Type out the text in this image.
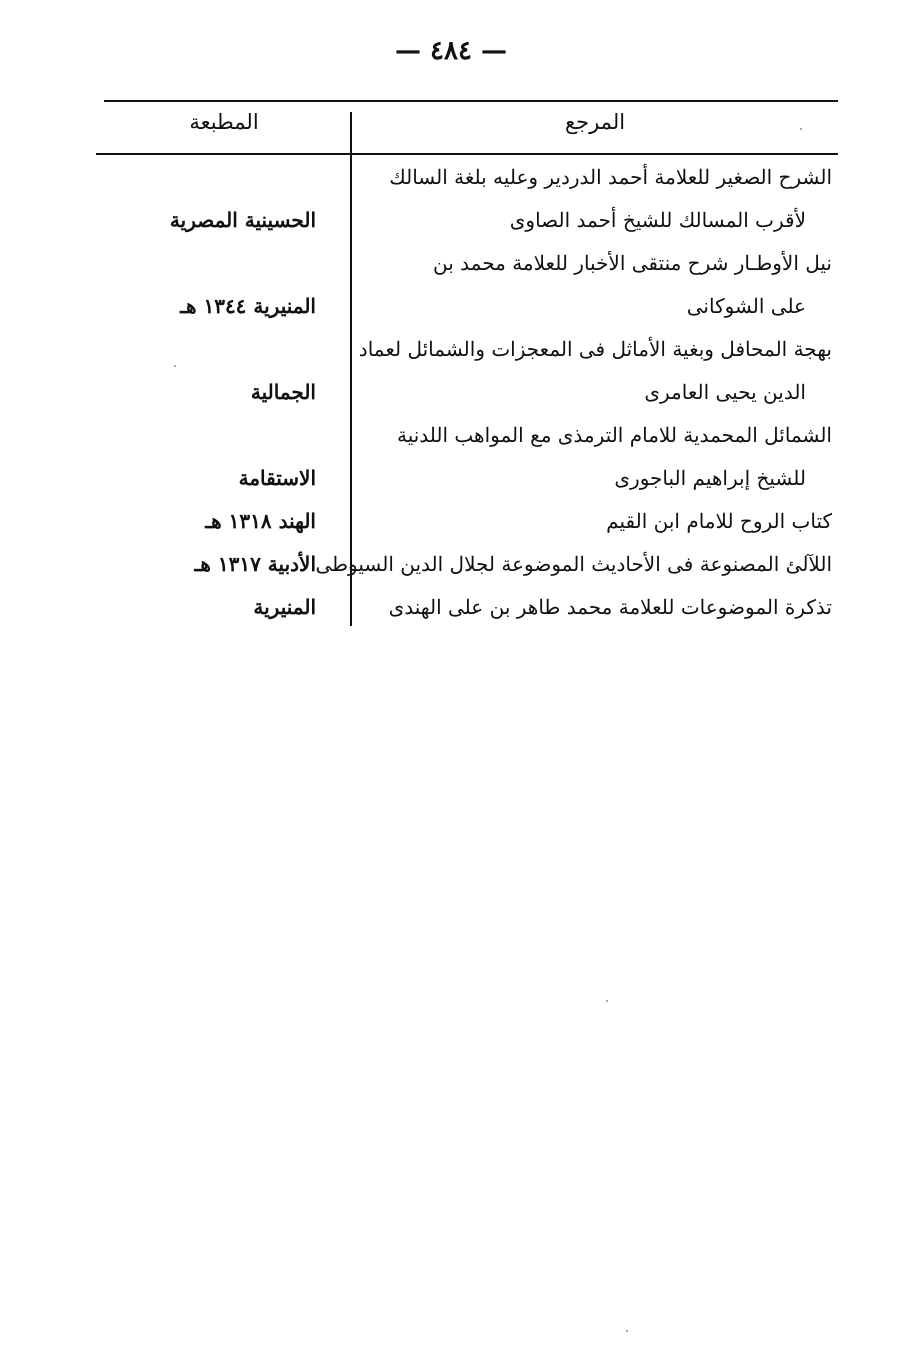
— ٤٨٤ —
المرجع
المطبعة
الشرح الصغير للعلامة أحمد الدردير وعليه بلغة السالك
لأقرب المسالك للشيخ أحمد الصاوى
الحسينية المصرية
نيل الأوطـار شرح منتقى الأخبار للعلامة محمد بن
على الشوكانى
المنيرية ١٣٤٤ هـ
بهجة المحافل وبغية الأماثل فى المعجزات والشمائل لعماد
الدين يحيى العامرى
الجمالية
الشمائل المحمدية للامام الترمذى مع المواهب اللدنية
للشيخ إبراهيم الباجورى
الاستقامة
كتاب الروح للامام ابن القيم
الهند ١٣١٨ هـ
اللآلئ المصنوعة فى الأحاديث الموضوعة لجلال الدين السيوطى
الأدبية ١٣١٧ هـ
تذكرة الموضوعات للعلامة محمد طاهر بن على الهندى
المنيرية
